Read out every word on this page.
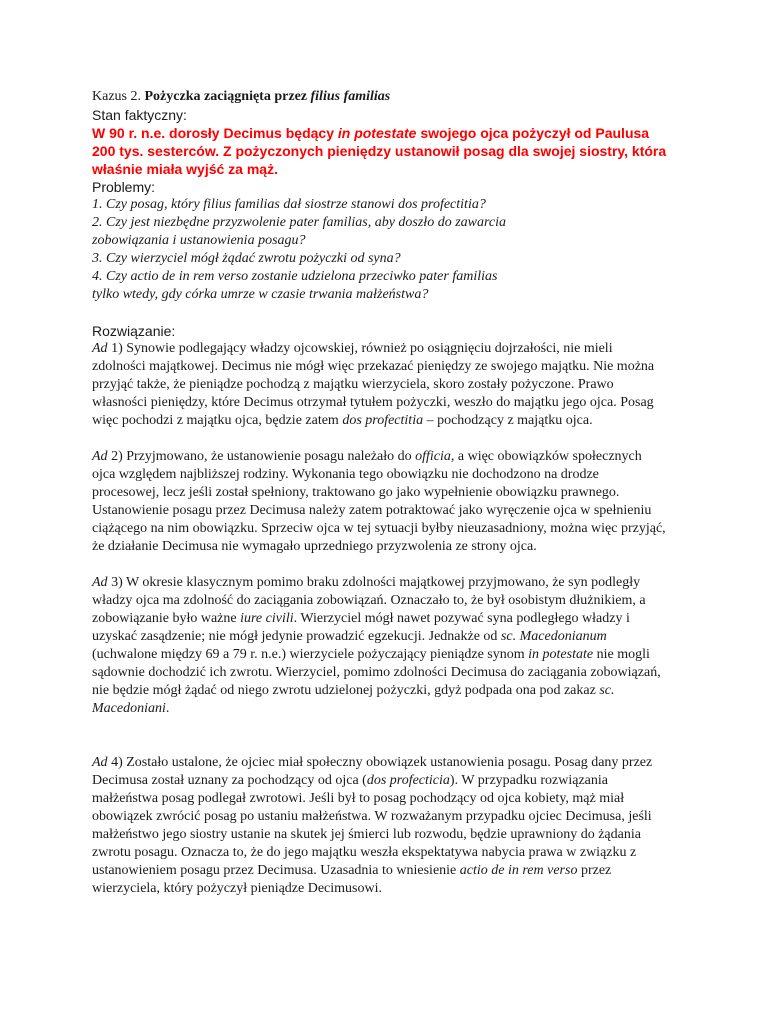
Kazus 2. Pożyczka zaciągnięta przez filius familias

Stan faktyczny:

W 90 r. n.e. dorosły Decimus będący in potestate swojego ojca pożyczył od Paulusa

200 tys. sesterców. Z pożyczonych pieniędzy ustanowił posag dla swojej siostry, która

właśnie miała wyjść za mąż.

Problemy:

1. Czy posag, który filius familias dał siostrze stanowi dos profectitia?

2. Czy jest niezbędne przyzwolenie pater familias, aby doszło do zawarcia

zobowiązania i ustanowienia posagu?

3. Czy wierzyciel mógł żądać zwrotu pożyczki od syna?

4. Czy actio de in rem verso zostanie udzielona przeciwko pater familias

tylko wtedy, gdy córka umrze w czasie trwania małżeństwa?

Rozwiązanie:

Ad 1) Synowie podlegający władzy ojcowskiej, również po osiągnięciu dojrzałości, nie mieli

zdolności majątkowej. Decimus nie mógł więc przekazać pieniędzy ze swojego majątku. Nie można

przyjąć także, że pieniądze pochodzą z majątku wierzyciela, skoro zostały pożyczone. Prawo

własności pieniędzy, które Decimus otrzymał tytułem pożyczki, weszło do majątku jego ojca. Posag

więc pochodzi z majątku ojca, będzie zatem dos profectitia – pochodzący z majątku ojca.

Ad 2) Przyjmowano, że ustanowienie posagu należało do officia, a więc obowiązków społecznych

ojca względem najbliższej rodziny. Wykonania tego obowiązku nie dochodzono na drodze

procesowej, lecz jeśli został spełniony, traktowano go jako wypełnienie obowiązku prawnego.

Ustanowienie posagu przez Decimusa należy zatem potraktować jako wyręczenie ojca w spełnieniu

ciążącego na nim obowiązku. Sprzeciw ojca w tej sytuacji byłby nieuzasadniony, można więc przyjąć,

że działanie Decimusa nie wymagało uprzedniego przyzwolenia ze strony ojca.

Ad 3) W okresie klasycznym pomimo braku zdolności majątkowej przyjmowano, że syn podległy

władzy ojca ma zdolność do zaciągania zobowiązań. Oznaczało to, że był osobistym dłużnikiem, a

zobowiązanie było ważne iure civili. Wierzyciel mógł nawet pozywać syna podległego władzy i

uzyskać zasądzenie; nie mógł jedynie prowadzić egzekucji. Jednakże od sc. Macedonianum

(uchwalone między 69 a 79 r. n.e.) wierzyciele pożyczający pieniądze synom in potestate nie mogli

sądownie dochodzić ich zwrotu. Wierzyciel, pomimo zdolności Decimusa do zaciągania zobowiązań,

nie będzie mógł żądać od niego zwrotu udzielonej pożyczki, gdyż podpada ona pod zakaz sc.

Macedoniani.

Ad 4) Zostało ustalone, że ojciec miał społeczny obowiązek ustanowienia posagu. Posag dany przez

Decimusa został uznany za pochodzący od ojca (dos profecticia). W przypadku rozwiązania

małżeństwa posag podlegał zwrotowi. Jeśli był to posag pochodzący od ojca kobiety, mąż miał

obowiązek zwrócić posag po ustaniu małżeństwa. W rozważanym przypadku ojciec Decimusa, jeśli

małżeństwo jego siostry ustanie na skutek jej śmierci lub rozwodu, będzie uprawniony do żądania

zwrotu posagu. Oznacza to, że do jego majątku weszła ekspektatywa nabycia prawa w związku z

ustanowieniem posagu przez Decimusa. Uzasadnia to wniesienie actio de in rem verso przez

wierzyciela, który pożyczył pieniądze Decimusowi.
